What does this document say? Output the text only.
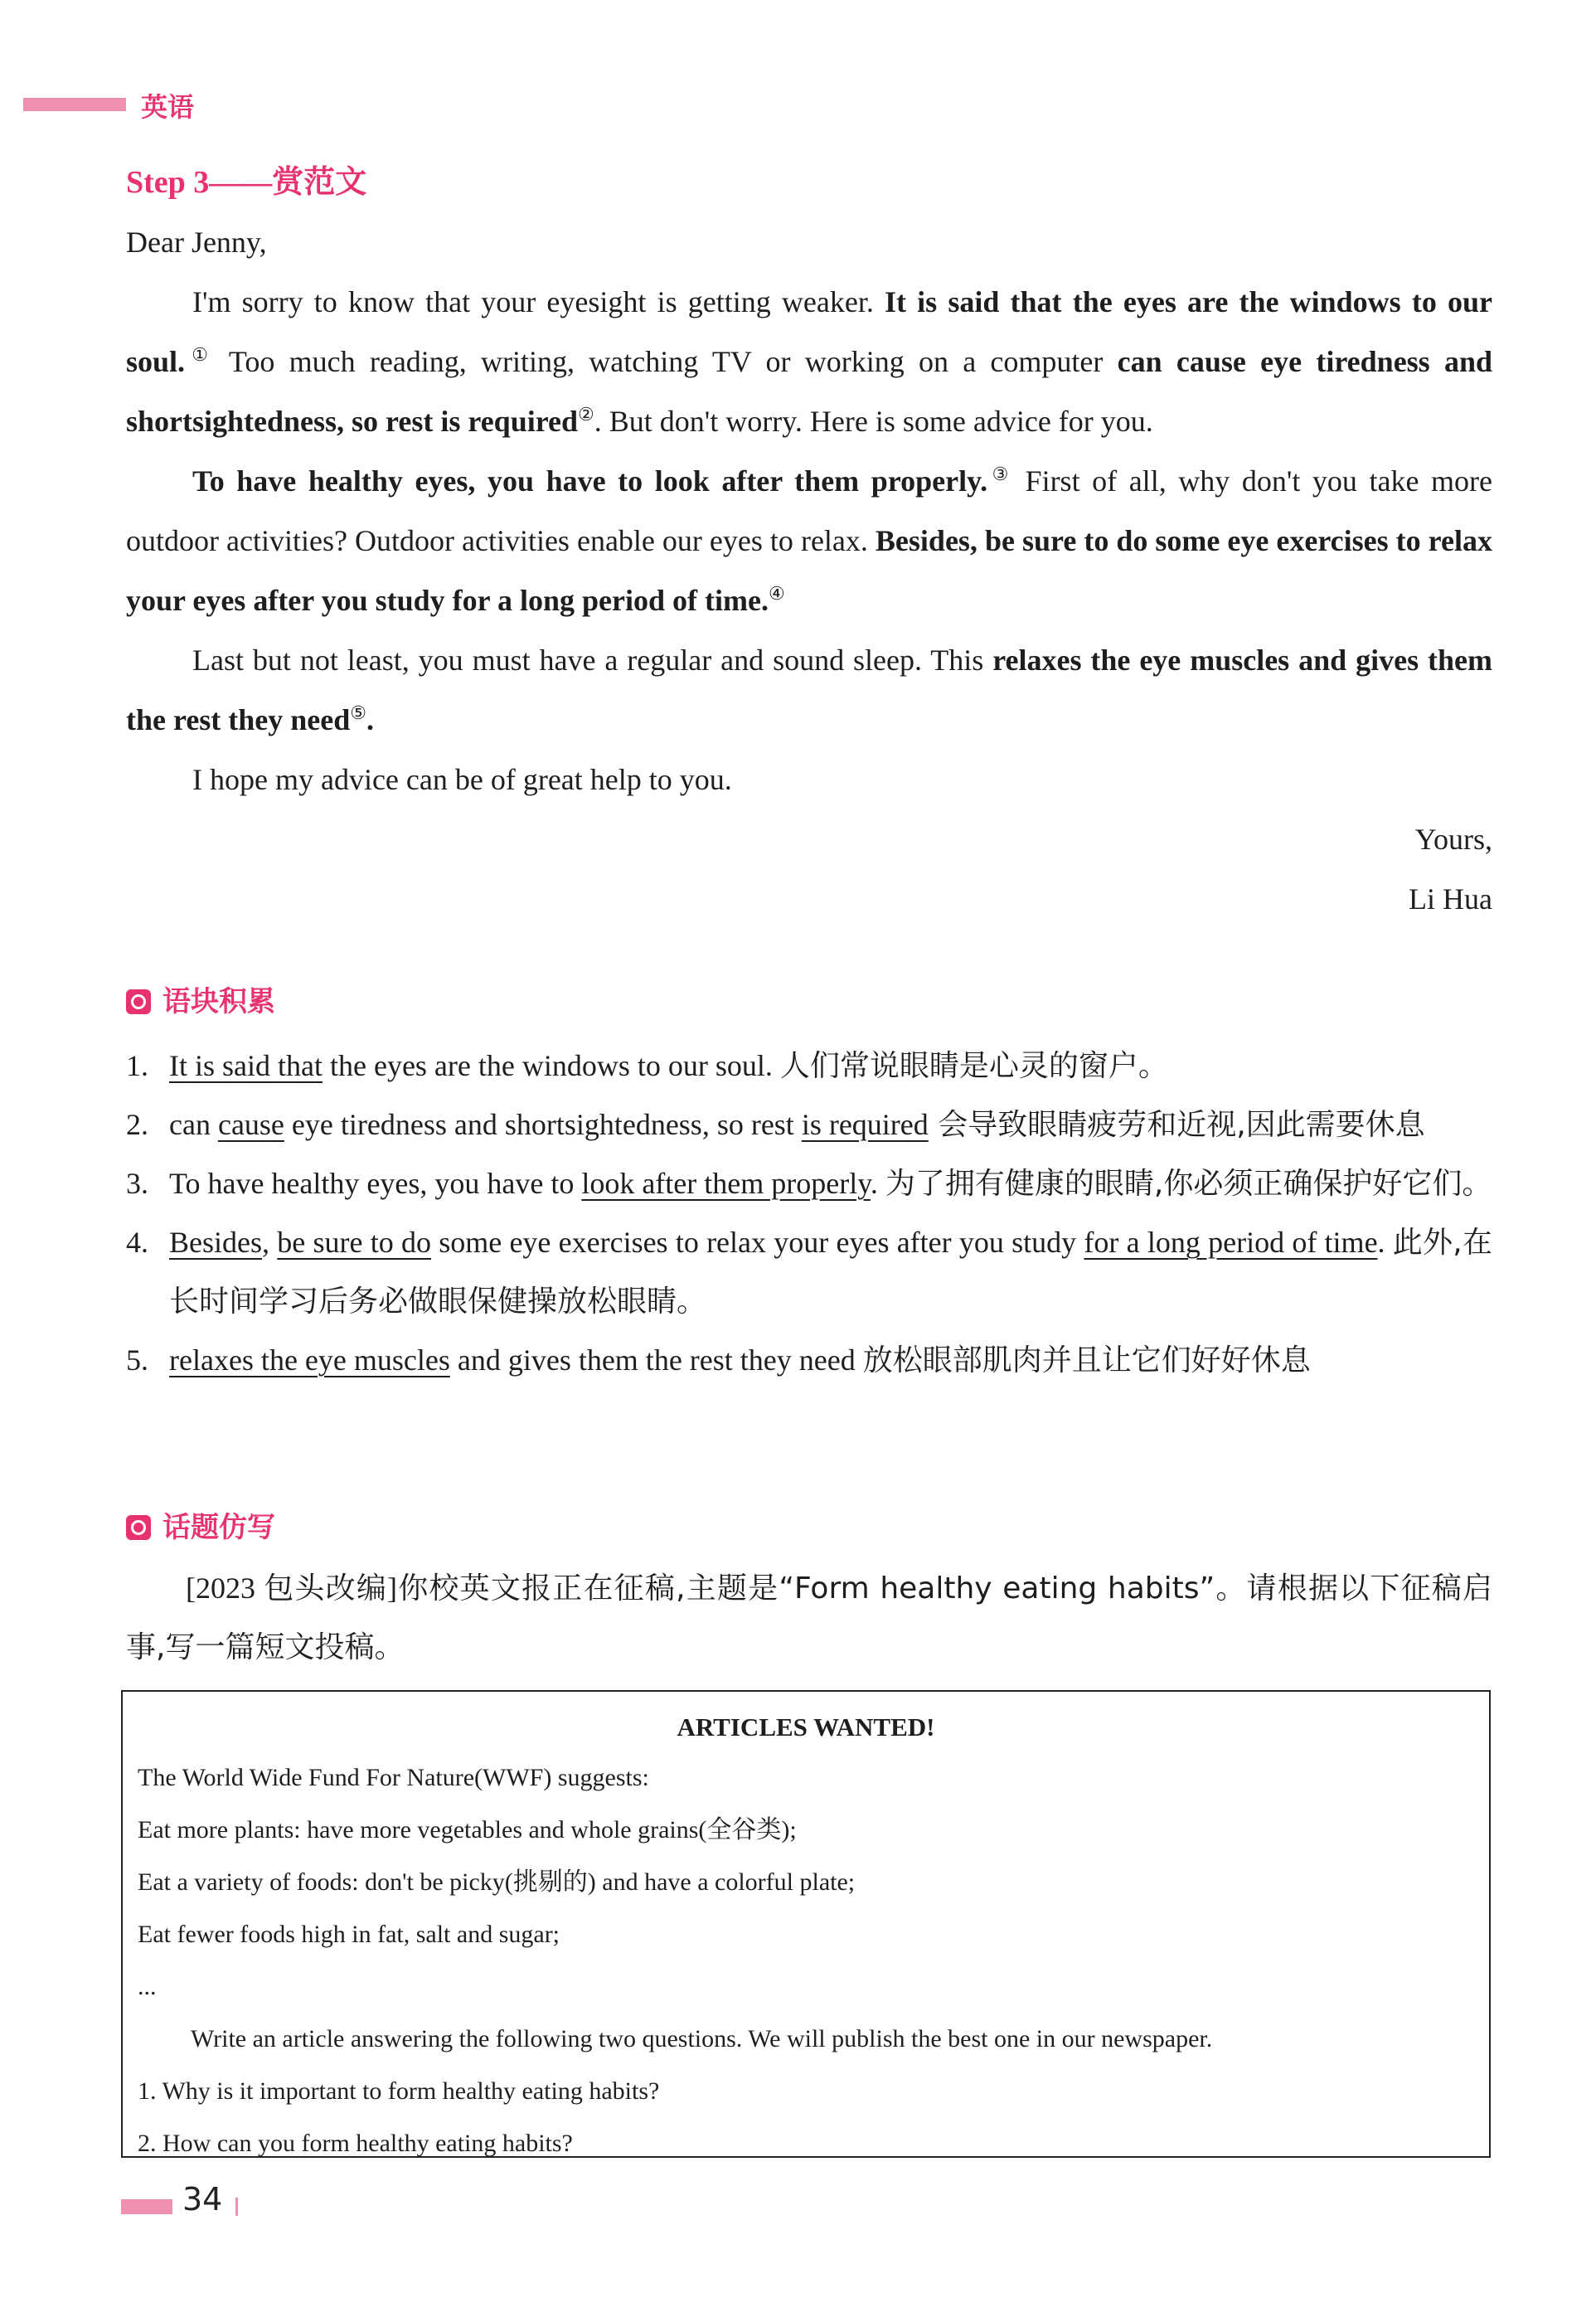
英语
Step 3——赏范文

Dear Jenny,

I'm sorry to know that your eyesight is getting weaker. It is said that the eyes are the windows to our soul.① Too much reading, writing, watching TV or working on a computer can cause eye tiredness and shortsightedness, so rest is required②. But don't worry. Here is some advice for you.

To have healthy eyes, you have to look after them properly.③ First of all, why don't you take more outdoor activities? Outdoor activities enable our eyes to relax. Besides, be sure to do some eye exercises to relax your eyes after you study for a long period of time.④

Last but not least, you must have a regular and sound sleep. This relaxes the eye muscles and gives them the rest they need⑤.

I hope my advice can be of great help to you.

Yours,

Li Hua

语块积累
1. It is said that the eyes are the windows to our soul. 人们常说眼睛是心灵的窗户。
2. can cause eye tiredness and shortsightedness, so rest is required 会导致眼睛疲劳和近视,因此需要休息
3. To have healthy eyes, you have to look after them properly. 为了拥有健康的眼睛,你必须正确保护好它们。
4. Besides, be sure to do some eye exercises to relax your eyes after you study for a long period of time. 此外,在长时间学习后务必做眼保健操放松眼睛。
5. relaxes the eye muscles and gives them the rest they need 放松眼部肌肉并且让它们好好休息
话题仿写
[2023 包头改编]你校英文报正在征稿,主题是“Form healthy eating habits”。请根据以下征稿启事,写一篇短文投稿。
ARTICLES WANTED!

The World Wide Fund For Nature(WWF) suggests:

Eat more plants: have more vegetables and whole grains(全谷类);

Eat a variety of foods: don't be picky(挑剔的) and have a colorful plate;

Eat fewer foods high in fat, salt and sugar;

...

Write an article answering the following two questions. We will publish the best one in our newspaper.

1. Why is it important to form healthy eating habits?

2. How can you form healthy eating habits?

34
